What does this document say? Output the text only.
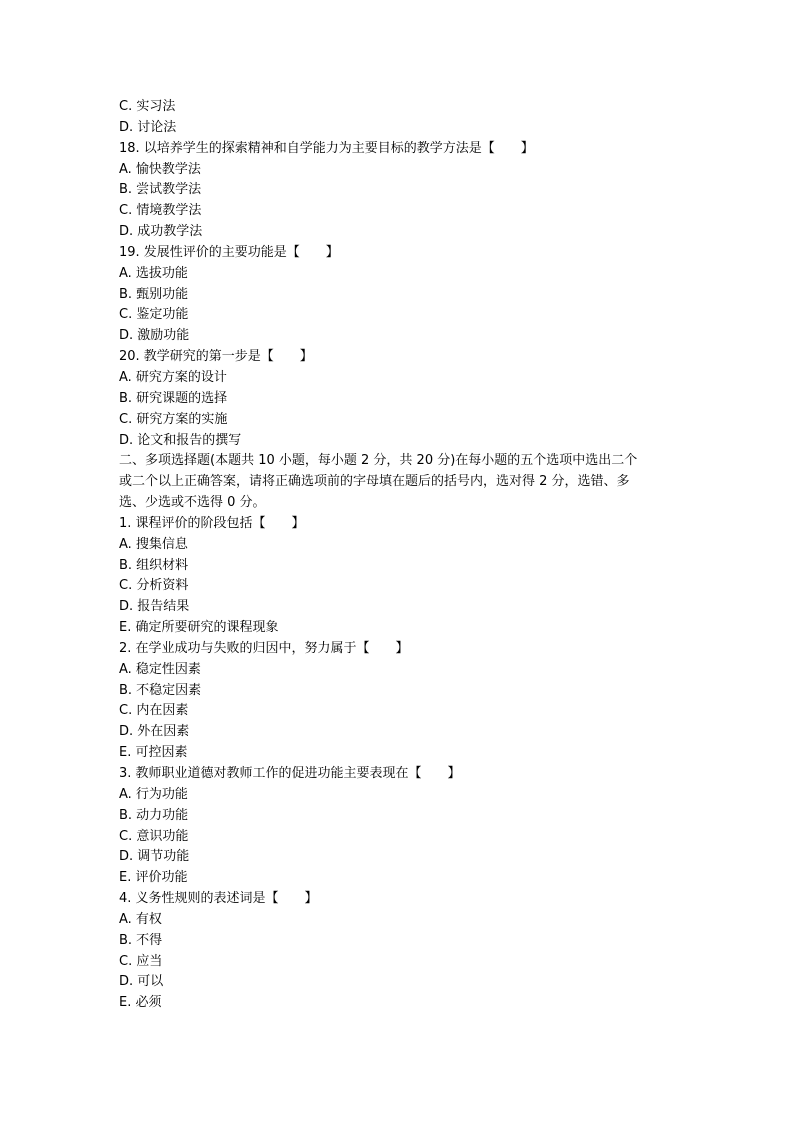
C. 实习法
D. 讨论法
18. 以培养学生的探索精神和自学能力为主要目标的教学方法是【　　】
A. 愉快教学法
B. 尝试教学法
C. 情境教学法
D. 成功教学法
19. 发展性评价的主要功能是【　　】
A. 选拔功能
B. 甄别功能
C. 鉴定功能
D. 激励功能
20. 教学研究的第一步是【　　】
A. 研究方案的设计
B. 研究课题的选择
C. 研究方案的实施
D. 论文和报告的撰写
二、多项选择题(本题共 10 小题，每小题 2 分，共 20 分)在每小题的五个选项中选出二个
或二个以上正确答案，请将正确选项前的字母填在题后的括号内，选对得 2 分，选错、多
选、少选或不选得 0 分。
1. 课程评价的阶段包括【　　】
A. 搜集信息
B. 组织材料
C. 分析资料
D. 报告结果
E. 确定所要研究的课程现象
2. 在学业成功与失败的归因中，努力属于【　　】
A. 稳定性因素
B. 不稳定因素
C. 内在因素
D. 外在因素
E. 可控因素
3. 教师职业道德对教师工作的促进功能主要表现在【　　】
A. 行为功能
B. 动力功能
C. 意识功能
D. 调节功能
E. 评价功能
4. 义务性规则的表述词是【　　】
A. 有权
B. 不得
C. 应当
D. 可以
E. 必须
